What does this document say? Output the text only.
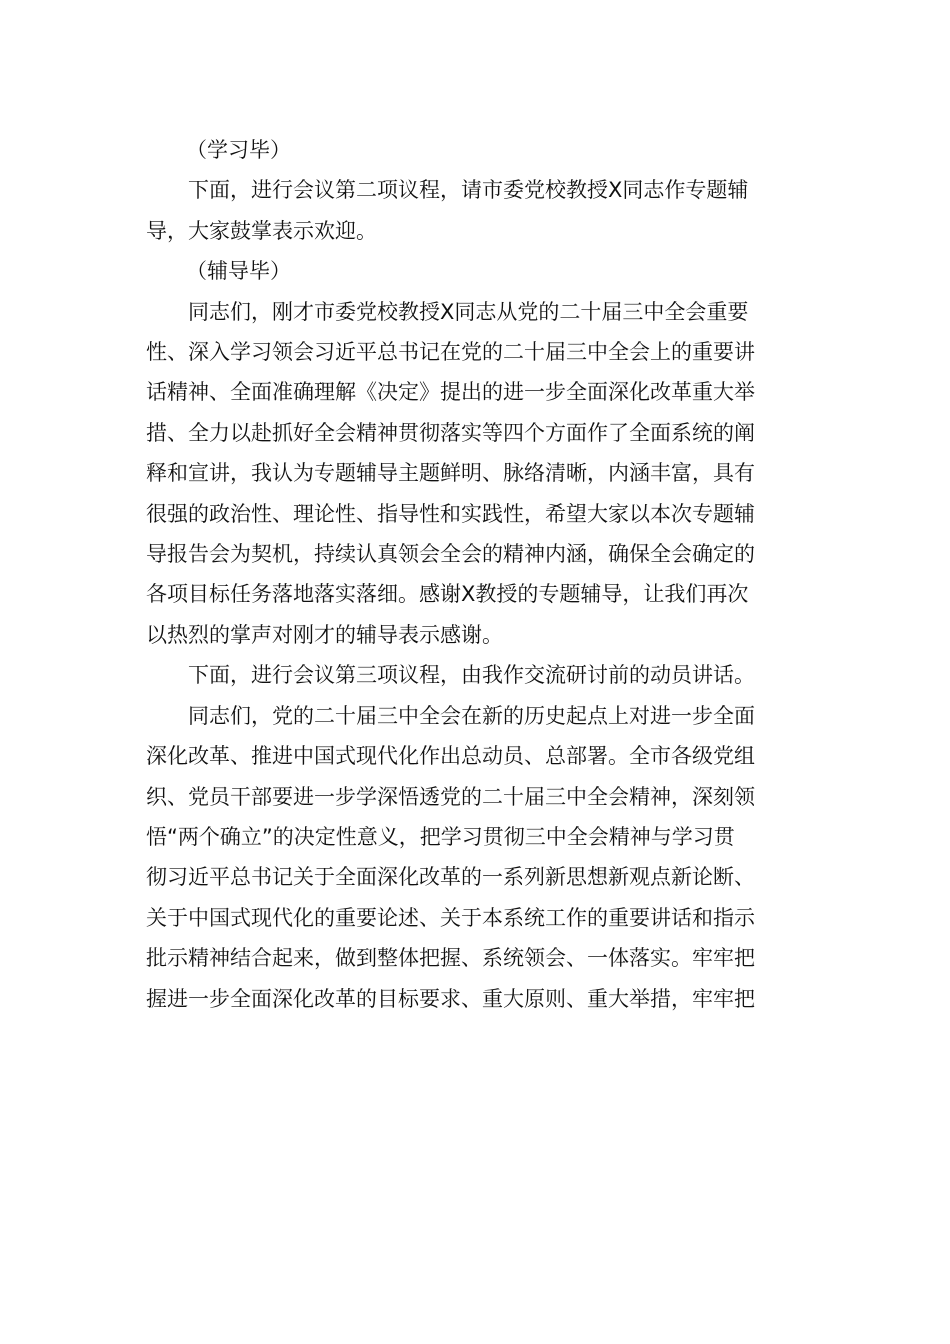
（学习毕）

下面，进行会议第二项议程，请市委党校教授X同志作专题辅
导，大家鼓掌表示欢迎。

（辅导毕）

同志们，刚才市委党校教授X同志从党的二十届三中全会重要
性、深入学习领会习近平总书记在党的二十届三中全会上的重要讲
话精神、全面准确理解《决定》提出的进一步全面深化改革重大举
措、全力以赴抓好全会精神贯彻落实等四个方面作了全面系统的阐
释和宣讲，我认为专题辅导主题鲜明、脉络清晰，内涵丰富，具有
很强的政治性、理论性、指导性和实践性，希望大家以本次专题辅
导报告会为契机，持续认真领会全会的精神内涵，确保全会确定的
各项目标任务落地落实落细。感谢X教授的专题辅导，让我们再次
以热烈的掌声对刚才的辅导表示感谢。

下面，进行会议第三项议程，由我作交流研讨前的动员讲话。

同志们，党的二十届三中全会在新的历史起点上对进一步全面
深化改革、推进中国式现代化作出总动员、总部署。全市各级党组
织、党员干部要进一步学深悟透党的二十届三中全会精神，深刻领
悟“两个确立”的决定性意义，把学习贯彻三中全会精神与学习贯
彻习近平总书记关于全面深化改革的一系列新思想新观点新论断、
关于中国式现代化的重要论述、关于本系统工作的重要讲话和指示
批示精神结合起来，做到整体把握、系统领会、一体落实。牢牢把
握进一步全面深化改革的目标要求、重大原则、重大举措，牢牢把
